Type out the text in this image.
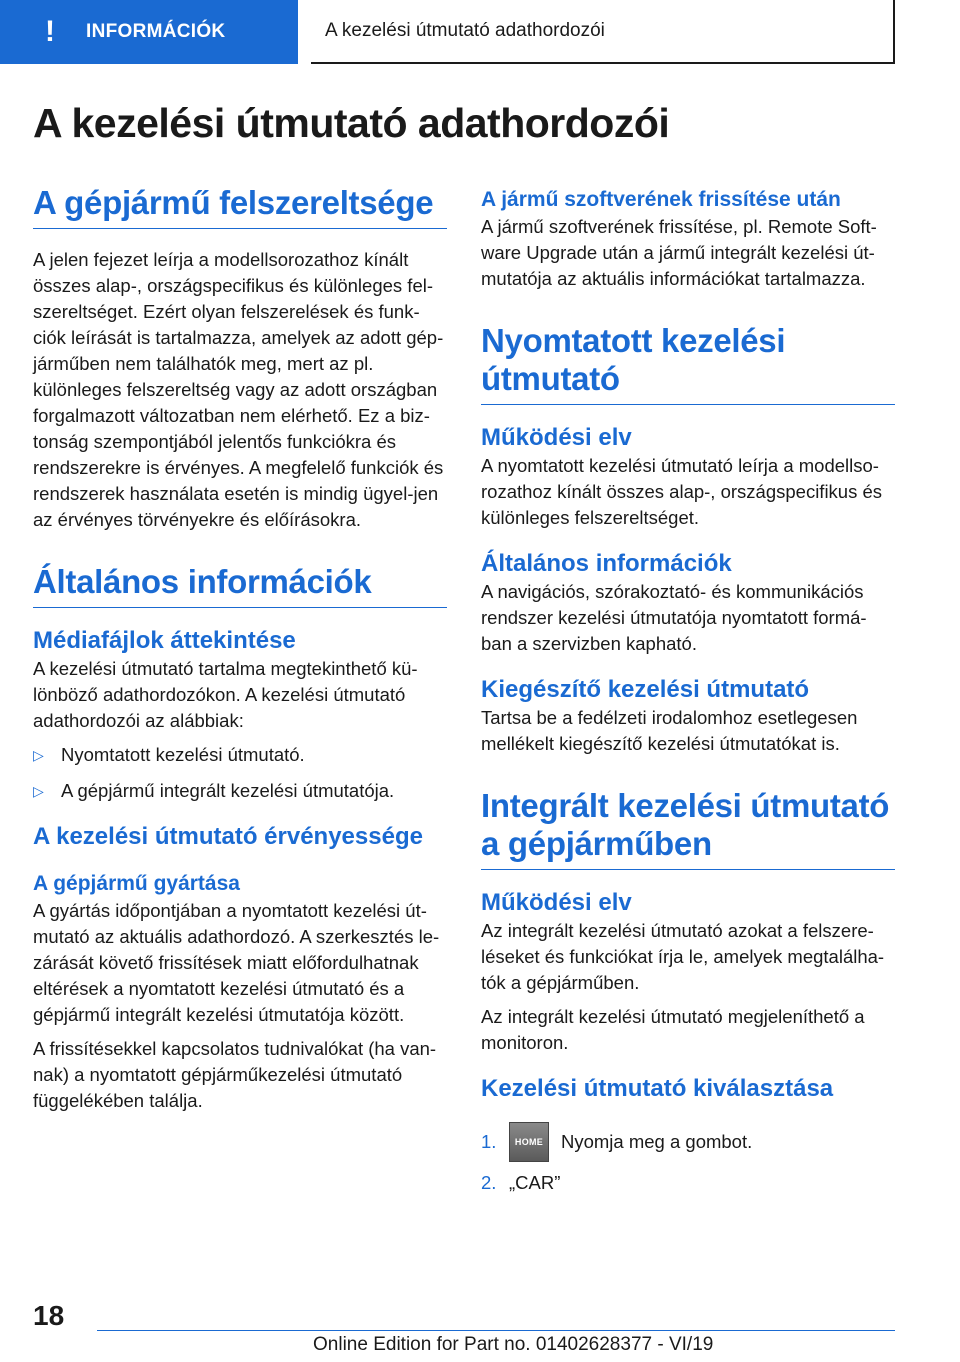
! INFORMÁCIÓK	A kezelési útmutató adathordozói
A kezelési útmutató adathordozói
A gépjármű felszereltsége

A jelen fejezet leírja a modellsorozathoz kínált összes alap-, országspecifikus és különleges fel-szereltséget. Ezért olyan felszerelések és funk-ciók leírását is tartalmazza, amelyek az adott gép-járműben nem találhatók meg, mert az pl. különleges felszereltség vagy az adott országban forgalmazott változatban nem elérhető. Ez a biz-tonság szempontjából jelentős funkciókra és rendszerekre is érvényes. A megfelelő funkciók és rendszerek használata esetén is mindig ügyel-jen az érvényes törvényekre és előírásokra.

Általános információk
Médiafájlok áttekintése

A kezelési útmutató tartalma megtekinthető kü-lönböző adathordozókon. A kezelési útmutató adathordozói az alábbiak:

▷ Nyomtatott kezelési útmutató.
▷ A gépjármű integrált kezelési útmutatója.
A kezelési útmutató érvényessége
A gépjármű gyártása

A gyártás időpontjában a nyomtatott kezelési út-mutató az aktuális adathordozó. A szerkesztés le-zárását követő frissítések miatt előfordulhatnak eltérések a nyomtatott kezelési útmutató és a gépjármű integrált kezelési útmutatója között.

A frissítésekkel kapcsolatos tudnivalókat (ha van-nak) a nyomtatott gépjárműkezelési útmutató függelékében találja.

A jármű szoftverének frissítése után

A jármű szoftverének frissítése, pl. Remote Soft-ware Upgrade után a jármű integrált kezelési út-mutatója az aktuális információkat tartalmazza.

Nyomtatott kezelési útmutató
Működési elv

A nyomtatott kezelési útmutató leírja a modellso-rozathoz kínált összes alap-, országspecifikus és különleges felszereltséget.

Általános információk

A navigációs, szórakoztató- és kommunikációs rendszer kezelési útmutatója nyomtatott formá-ban a szervizben kapható.

Kiegészítő kezelési útmutató

Tartsa be a fedélzeti irodalomhoz esetlegesen mellékelt kiegészítő kezelési útmutatókat is.

Integrált kezelési útmutató a gépjárműben
Működési elv

Az integrált kezelési útmutató azokat a felszere-léseket és funkciókat írja le, amelyek megtalálha-tók a gépjárműben.

Az integrált kezelési útmutató megjeleníthető a monitoron.

Kezelési útmutató kiválasztása
1.	HOME Nyomja meg a gombot.
2. „CAR”
18
Online Edition for Part no. 01402628377 - VI/19
